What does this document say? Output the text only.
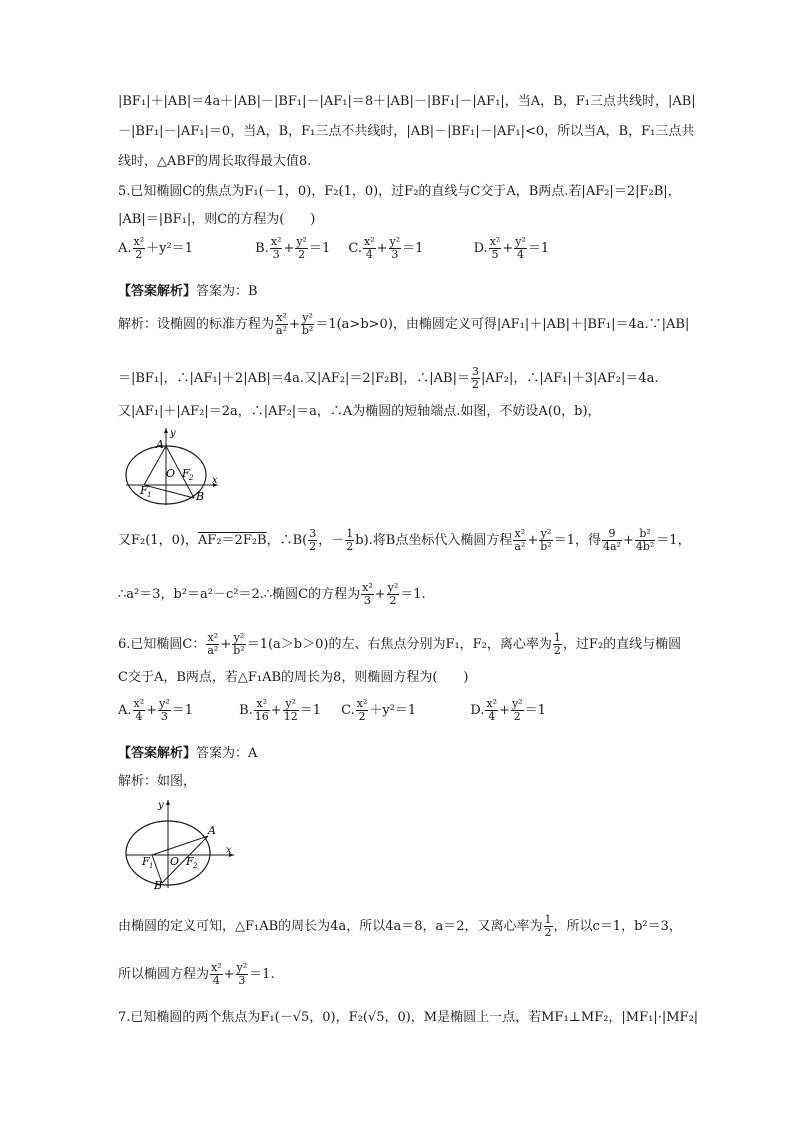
|BF₁|＋|AB|＝4a＋|AB|－|BF₁|－|AF₁|＝8＋|AB|－|BF₁|－|AF₁|，当A，B，F₁三点共线时，|AB|
－|BF₁|－|AF₁|＝0，当A，B，F₁三点不共线时，|AB|－|BF₁|－|AF₁|<0，所以当A，B，F₁三点共
线时，△ABF的周长取得最大值8.
5.已知椭圆C的焦点为F₁(－1，0)，F₂(1，0)，过F₂的直线与C交于A，B两点.若|AF₂|＝2|F₂B|，
|AB|＝|BF₁|，则C的方程为(　　)
A. $\frac{\text{x²}}{2} +y^2=1$	B. $\frac{\text{x²}}{3} + \frac{\text{y²}}{2} =1$ C. $\frac{\text{x²}}{4} + \frac{\text{y²}}{3} =1$	D. $\frac{\text{x²}}{5} + \frac{\text{y²}}{4} =1$
【答案解析】答案为：B
解析：设椭圆的标准方程为 $\frac{\text{x²}}{\text{a²}} + \frac{\text{y²}}{\text{b²}} =1(a>b>0)$，由椭圆定义可得|AF₁|＋|AB|＋|BF₁|＝4a.∵|AB|
＝|BF₁|，∴|AF₁|＋2|AB|＝4a.又|AF₂|＝2|F₂B|，∴|AB|＝ $\frac{3}{2} |AF_2|$，∴|AF₁|＋3|AF₂|＝4a.
又|AF₁|＋|AF₂|＝2a，∴|AF₂|＝a，∴A为椭圆的短轴端点.如图，不妨设A(0，b)，
A
y
O F 2
F 1	B
x
又F₂(1，0)，AF₂＝2F₂B，∴B( $\frac{3}{2}$ ，－ $\frac{1}{2} b$).将B点坐标代入椭圆方程 $\frac{\text{x²}}{\text{a²}} + \frac{\text{y²}}{\text{b²}} =1$，得 $\frac{9}{\text{4a²}} + \frac{\text{b²}}{\text{4b²}} =1$，
∴a²＝3，b²＝a²－c²＝2.∴椭圆C的方程为 $\frac{\text{x²}}{3} + \frac{\text{y²}}{2} =1$.
6.已知椭圆C： $\frac{\text{x²}}{\text{a²}} + \frac{\text{y²}}{\text{b²}} =1(a>b>0)$的左、右焦点分别为F₁，F₂，离心率为 $\frac{1}{2}$ ，过F₂的直线与椭圆
C交于A，B两点，若△F₁AB的周长为8，则椭圆方程为(　　)
A. $\frac{\text{x²}}{4} + \frac{\text{y²}}{3} =1$	B. $\frac{\text{x²}}{16} + \frac{\text{y²}}{12} =1$ C. $\frac{\text{x²}}{2} +y^2=1$	D. $\frac{\text{x²}}{4} + \frac{\text{y²}}{2} =1$
【答案解析】答案为：A
解析：如图，
y
A
F 1 O F 2
B
x
由椭圆的定义可知，△F₁AB的周长为4a，所以4a＝8，a＝2，又离心率为 $\frac{1}{2}$ ，所以c＝1，b²＝3，
所以椭圆方程为 $\frac{\text{x²}}{4} + \frac{\text{y²}}{3} =1$.
7.已知椭圆的两个焦点为F₁(－√5，0)，F₂(√5，0)，M是椭圆上一点，若MF₁⊥MF₂，|MF₁|·|MF₂|
